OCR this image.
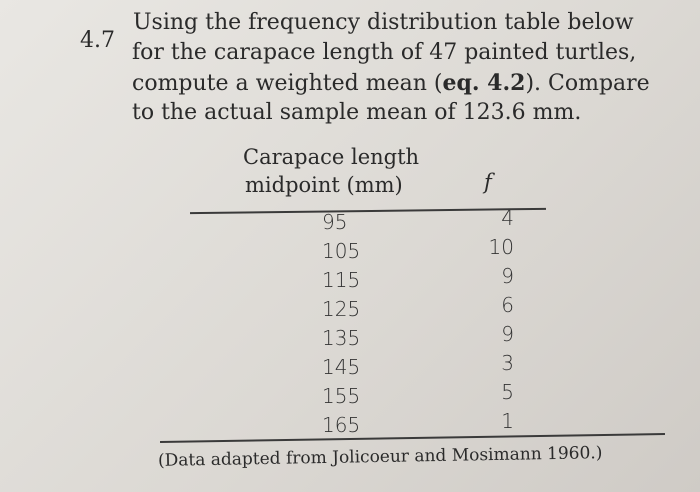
4.7
Using the frequency distribution table below
for the carapace length of 47 painted turtles,
compute a weighted mean (eq. 4.2). Compare
to the actual sample mean of 123.6 mm.
Carapace length
midpoint (mm)	f
95	4
105	10
115	9
125	6
135	9
145	3
155	5
165	1
(Data adapted from Jolicoeur and Mosimann 1960.)
